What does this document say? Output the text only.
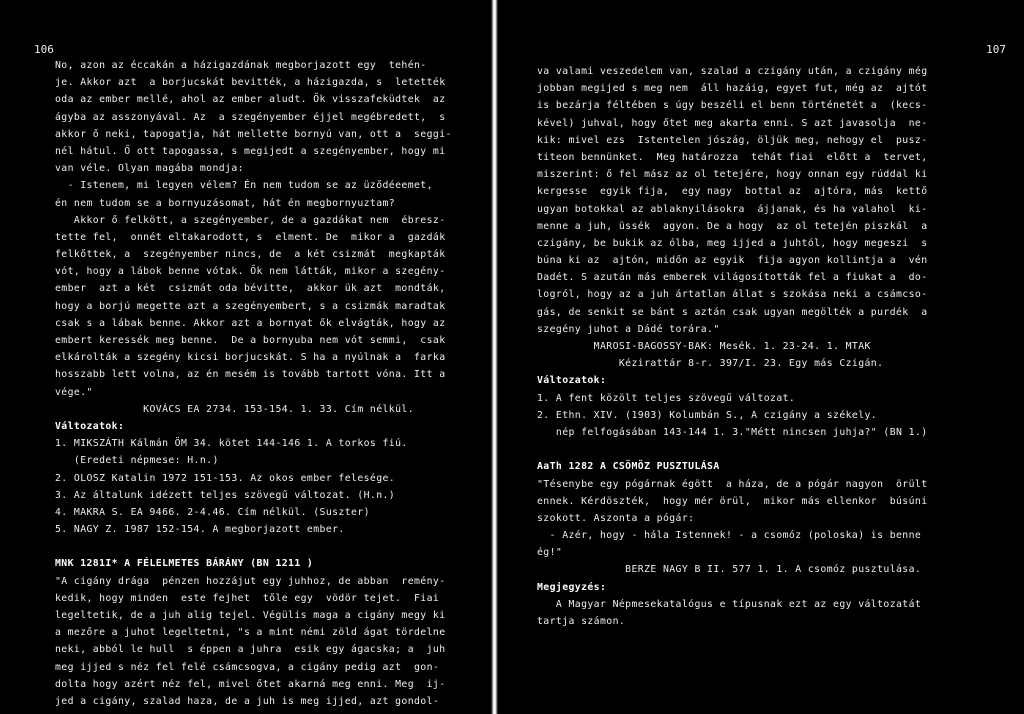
106
No, azon az éccakán a házigazdának megborjazott egy  tehén-
je. Akkor azt  a borjucskát bevitték, a házigazda, s  letették
oda az ember mellé, ahol az ember aludt. Ők visszafeküdtek  az
ágyba az asszonyával. Az  a szegényember éjjel megébredett,  s
akkor ő neki, tapogatja, hát mellette bornyú van, ott a  seggi-
nél hátul. Ő ott tapogassa, s megijedt a szegényember, hogy mi
van véle. Olyan magába mondja:
- Istenem, mi legyen vélem? Én nem tudom se az üződéeemet,
én nem tudom se a bornyuzásomat, hát én megbornyuztam?
Akkor ő felkött, a szegényember, de a gazdákat nem  ébresz-
tette fel,  onnét eltakarodott, s  elment. De  mikor a  gazdák
felkőttek, a  szegényember nincs, de  a két csizmát  megkapták
vót, hogy a lábok benne vótak. Ők nem látták, mikor a szegény-
ember  azt a két  csizmát oda bévitte,  akkor ük azt  mondták,
hogy a borjú megette azt a szegényembert, s a csizmák maradtak
csak s a lábak benne. Akkor azt a bornyat ők elvágták, hogy az
embert keressék meg benne.  De a bornyuba nem vót semmi,  csak
elkárolták a szegény kicsi borjucskát. S ha a nyúlnak a  farka
hosszabb lett volna, az én mesém is tovább tartott vóna. Itt a
vége."
KOVÁCS EA 2734. 153-154. 1. 33. Cím nélkül.
Változatok:
1. MIKSZÁTH Kálmán ÖM 34. kötet 144-146 1. A torkos fiú.
(Eredeti népmese: H.n.)
2. OLOSZ Katalin 1972 151-153. Az okos ember felesége.
3. Az általunk idézett teljes szövegű változat. (H.n.)
4. MAKRA S. EA 9466. 2-4.46. Cím nélkül. (Suszter)
5. NAGY Z. 1987 152-154. A megborjazott ember.

MNK 1281I* A FÉLELMETES BÁRÁNY (BN 1211 )
"A cigány drága  pénzen hozzájut egy juhhoz, de abban  remény-
kedik, hogy minden  este fejhet  tőle egy  vödör tejet.  Fiai
legeltetik, de a juh alig tejel. Végülis maga a cigány megy ki
a mezőre a juhot legeltetni, "s a mint némi zöld ágat tördelne
neki, abból le hull  s éppen a juhra  esik egy ágacska; a  juh
meg ijjed s néz fel felé csámcsogva, a cigány pedig azt  gon-
dolta hogy azért néz fel, mivel őtet akarná meg enni. Meg  ij-
jed a cigány, szalad haza, de a juh is meg ijjed, azt gondol-
107
va valami veszedelem van, szalad a czigány után, a czigány még
jobban megijed s meg nem  áll hazáig, egyet fut, még az  ajtót
is bezárja féltében s úgy beszéli el benn történetét a  (kecs-
kével) juhval, hogy őtet meg akarta enni. S azt javasolja  ne-
kik: mivel ezs  Istentelen jószág, öljük meg, nehogy el  pusz-
titeon bennünket.  Meg határozza  tehát fiai  előtt a  tervet,
miszerint: ő fel mász az ol tetejére, hogy onnan egy rúddal ki
kergesse  egyik fija,  egy nagy  bottal az  ajtóra, más  kettő
ugyan botokkal az ablaknyilásokra  ájjanak, és ha valahol  ki-
menne a juh, üssék  agyon. De a hogy  az ol tetején piszkál  a
czigány, be bukik az ólba, meg ijjed a juhtól, hogy megeszi  s
búna ki az  ajtón, midőn az egyik  fija agyon kollintja a  vén
Dadét. S azután más emberek világosították fel a fiukat a  do-
logról, hogy az a juh ártatlan állat s szokása neki a csámcso-
gás, de senkit se bánt s aztán csak ugyan megölték a purdék  a
szegény juhot a Dádé torára."
MAROSI-BAGOSSY-BAK: Mesék. 1. 23-24. 1. MTAK
Kézirattár 8-r. 397/I. 23. Egy más Czigán.
Változatok:
1. A fent közölt teljes szövegű változat.
2. Ethn. XIV. (1903) Kolumbán S., A czigány a székely.
nép felfogásában 143-144 1. 3."Métt nincsen juhja?" (BN 1.)

AaTh 1282 A CSÖMÖZ PUSZTULÁSA
"Tésenybe egy pógárnak égött  a háza, de a pógár nagyon  örült
ennek. Kérdöszték,  hogy mér örül,  mikor más ellenkor  búsúni
szokott. Aszonta a pógár:
- Azér, hogy - hála Istennek! - a csomóz (poloska) is benne
ég!"
BERZE NAGY B II. 577 1. 1. A csomóz pusztulása.
Megjegyzés:
A Magyar Népmesekatalógus e típusnak ezt az egy változatát
tartja számon.
